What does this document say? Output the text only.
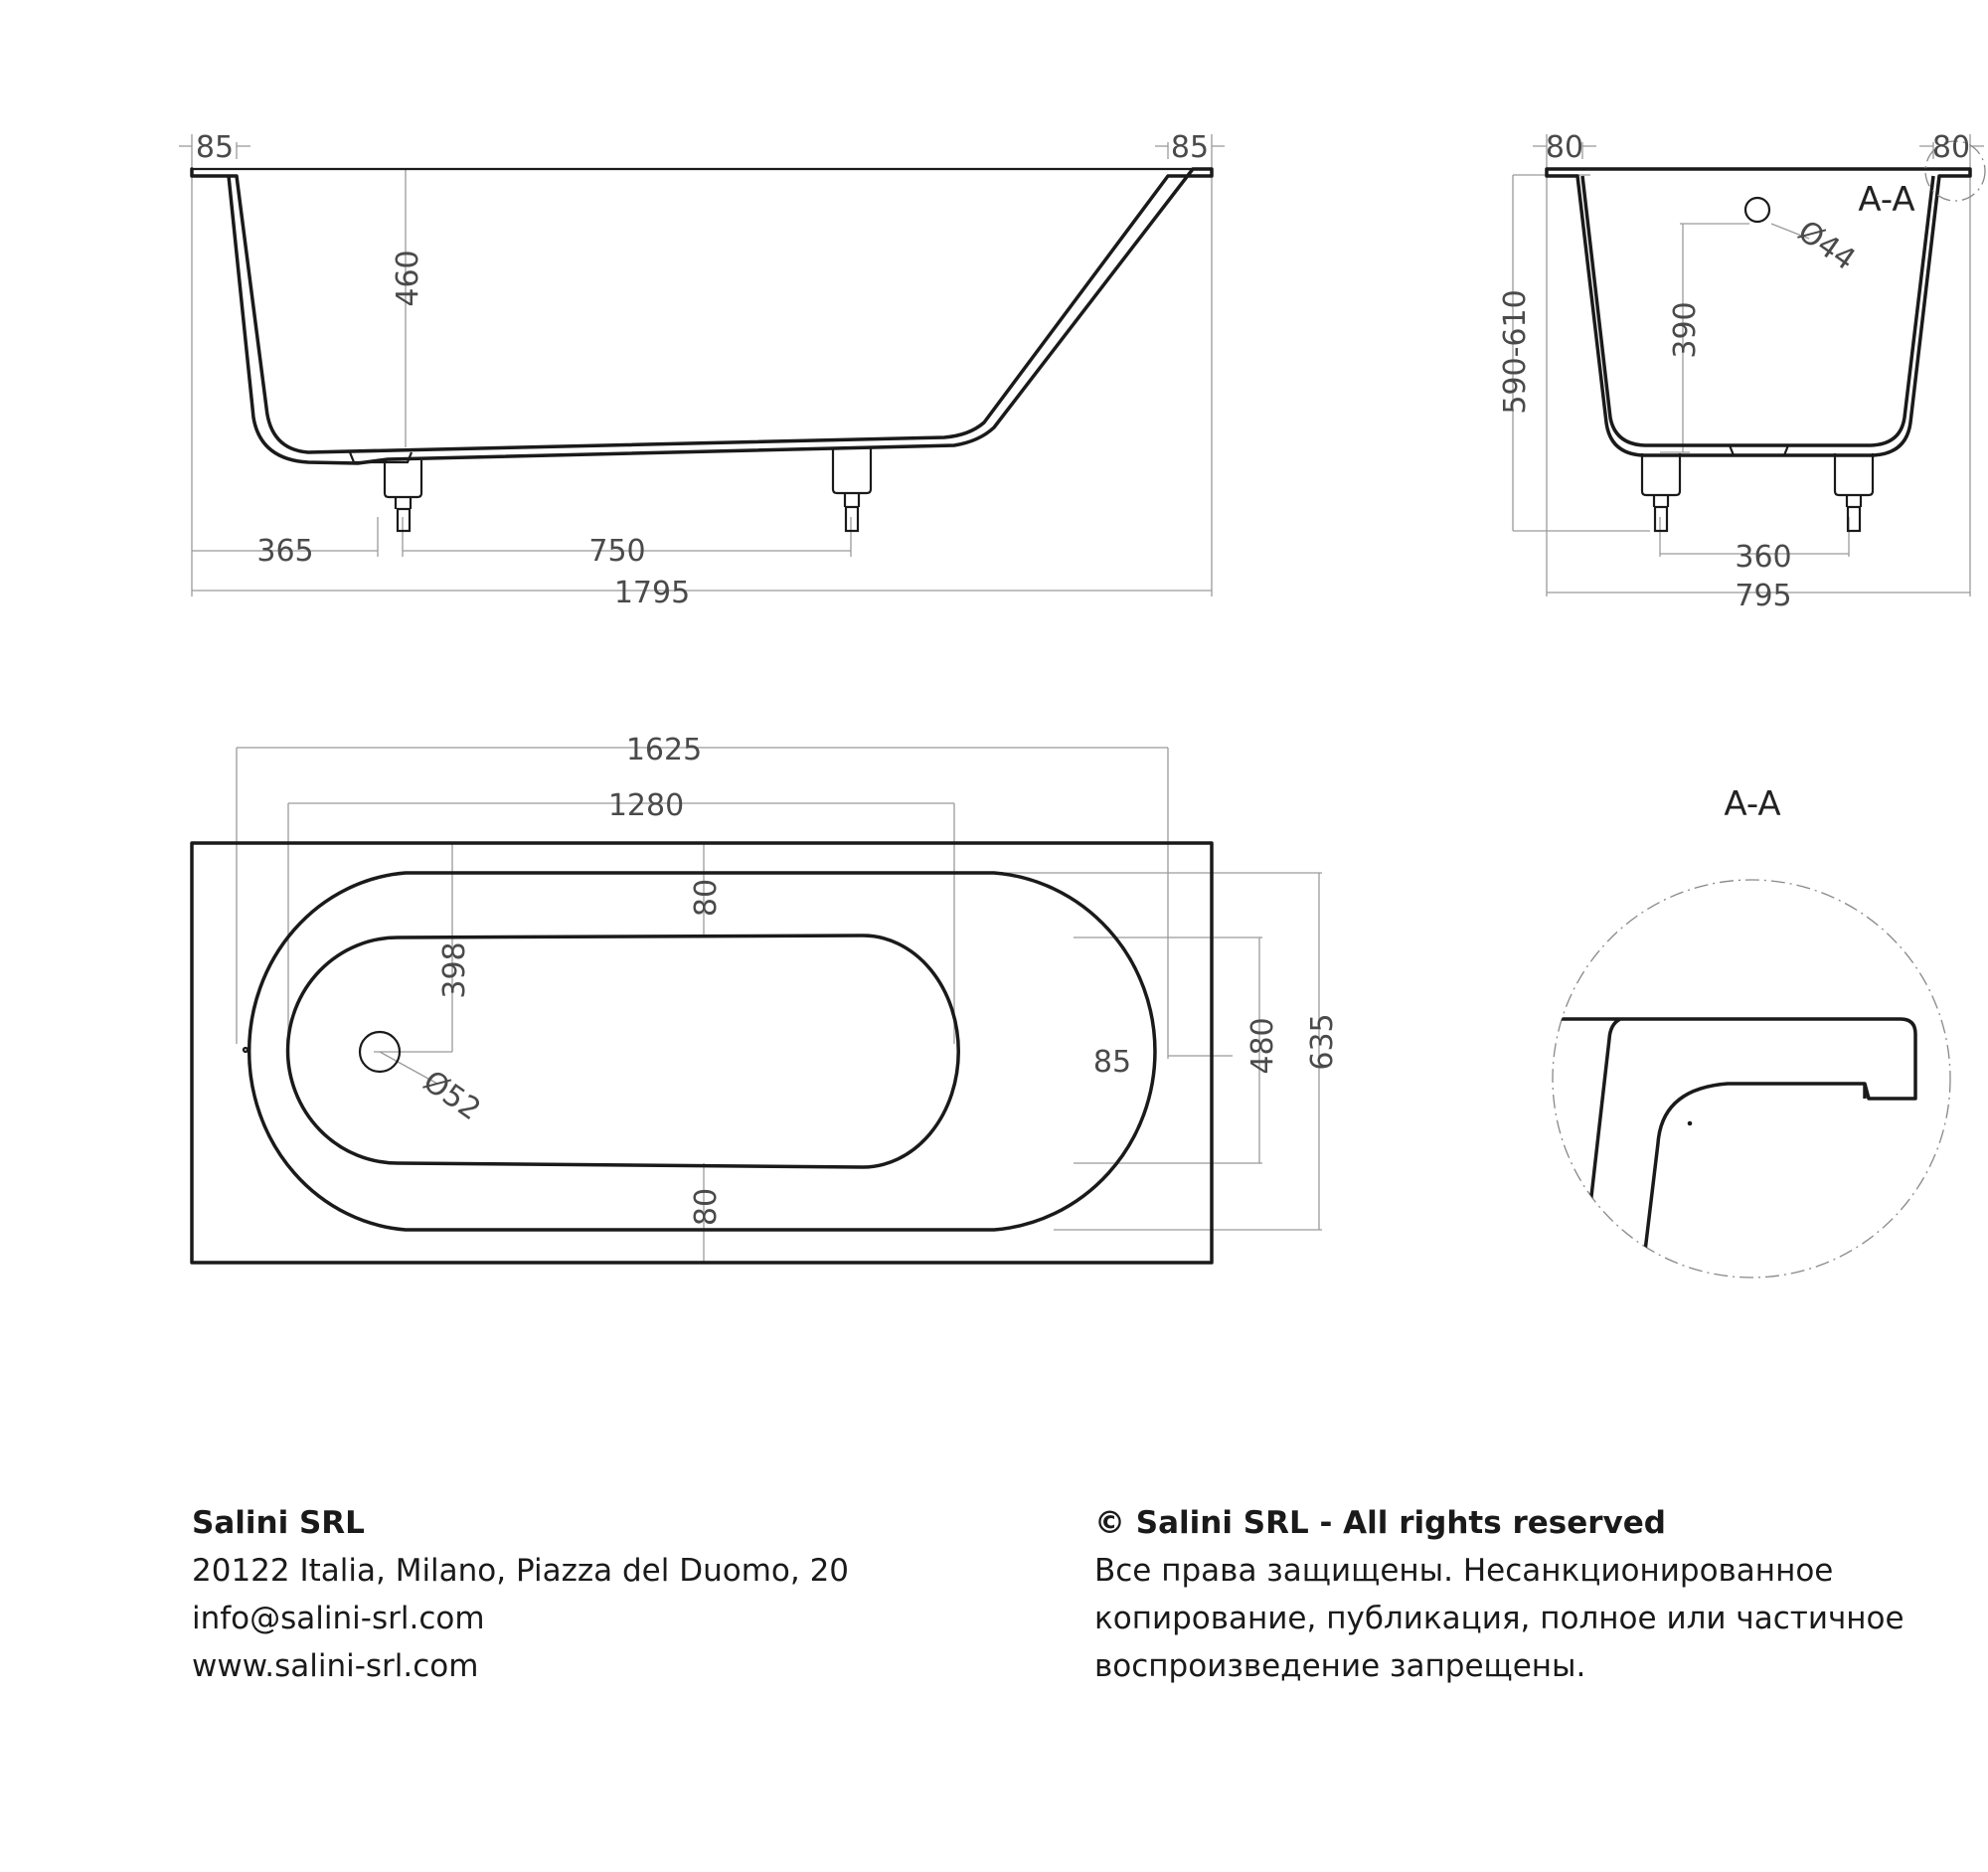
85	85
460
365	750
1795
80	80
A-A
Ø44
390
590-610
360
795
1625
1280
80
80
398
Ø52
85	480 635
A-A
Salini SRL
20122 Italia, Milano, Piazza del Duomo, 20
info@salini-srl.com
www.salini-srl.com
© Salini SRL - All rights reserved
Все права защищены. Несанкционированное
копирование, публикация, полное или частичное
воспроизведение запрещены.
